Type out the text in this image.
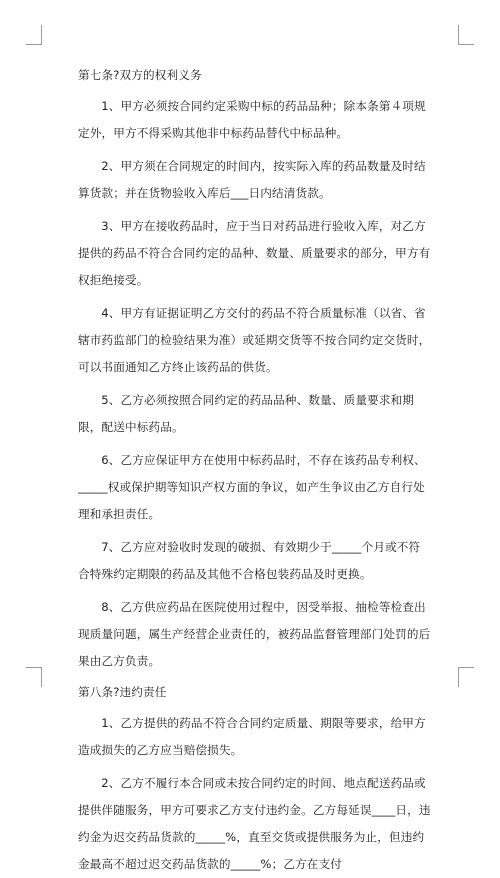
第七条?双方的权利义务

1、甲方必须按合同约定采购中标的药品品种；除本条第４项规定外，甲方不得采购其他非中标药品替代中标品种。

2、甲方须在合同规定的时间内，按实际入库的药品数量及时结算货款；并在货物验收入库后___日内结清货款。

3、甲方在接收药品时，应于当日对药品进行验收入库，对乙方提供的药品不符合合同约定的品种、数量、质量要求的部分，甲方有权拒绝接受。

4、甲方有证据证明乙方交付的药品不符合质量标准（以省、省辖市药监部门的检验结果为准）或延期交货等不按合同约定交货时，可以书面通知乙方终止该药品的供货。

5、乙方必须按照合同约定的药品品种、数量、质量要求和期限，配送中标药品。

6、乙方应保证甲方在使用中标药品时，不存在该药品专利权、_____权或保护期等知识产权方面的争议，如产生争议由乙方自行处理和承担责任。

7、乙方应对验收时发现的破损、有效期少于_____个月或不符合特殊约定期限的药品及其他不合格包装药品及时更换。

8、乙方供应药品在医院使用过程中，因受举报、抽检等检查出现质量问题，属生产经营企业责任的，被药品监督管理部门处罚的后果由乙方负责。

第八条?违约责任

1、乙方提供的药品不符合合同约定质量、期限等要求，给甲方造成损失的乙方应当赔偿损失。

2、乙方不履行本合同或未按合同约定的时间、地点配送药品或提供伴随服务，甲方可要求乙方支付违约金。乙方每延误____日，违约金为迟交药品货款的_____%，直至交货或提供服务为止，但违约金最高不超过迟交药品货款的_____%；乙方在支付
